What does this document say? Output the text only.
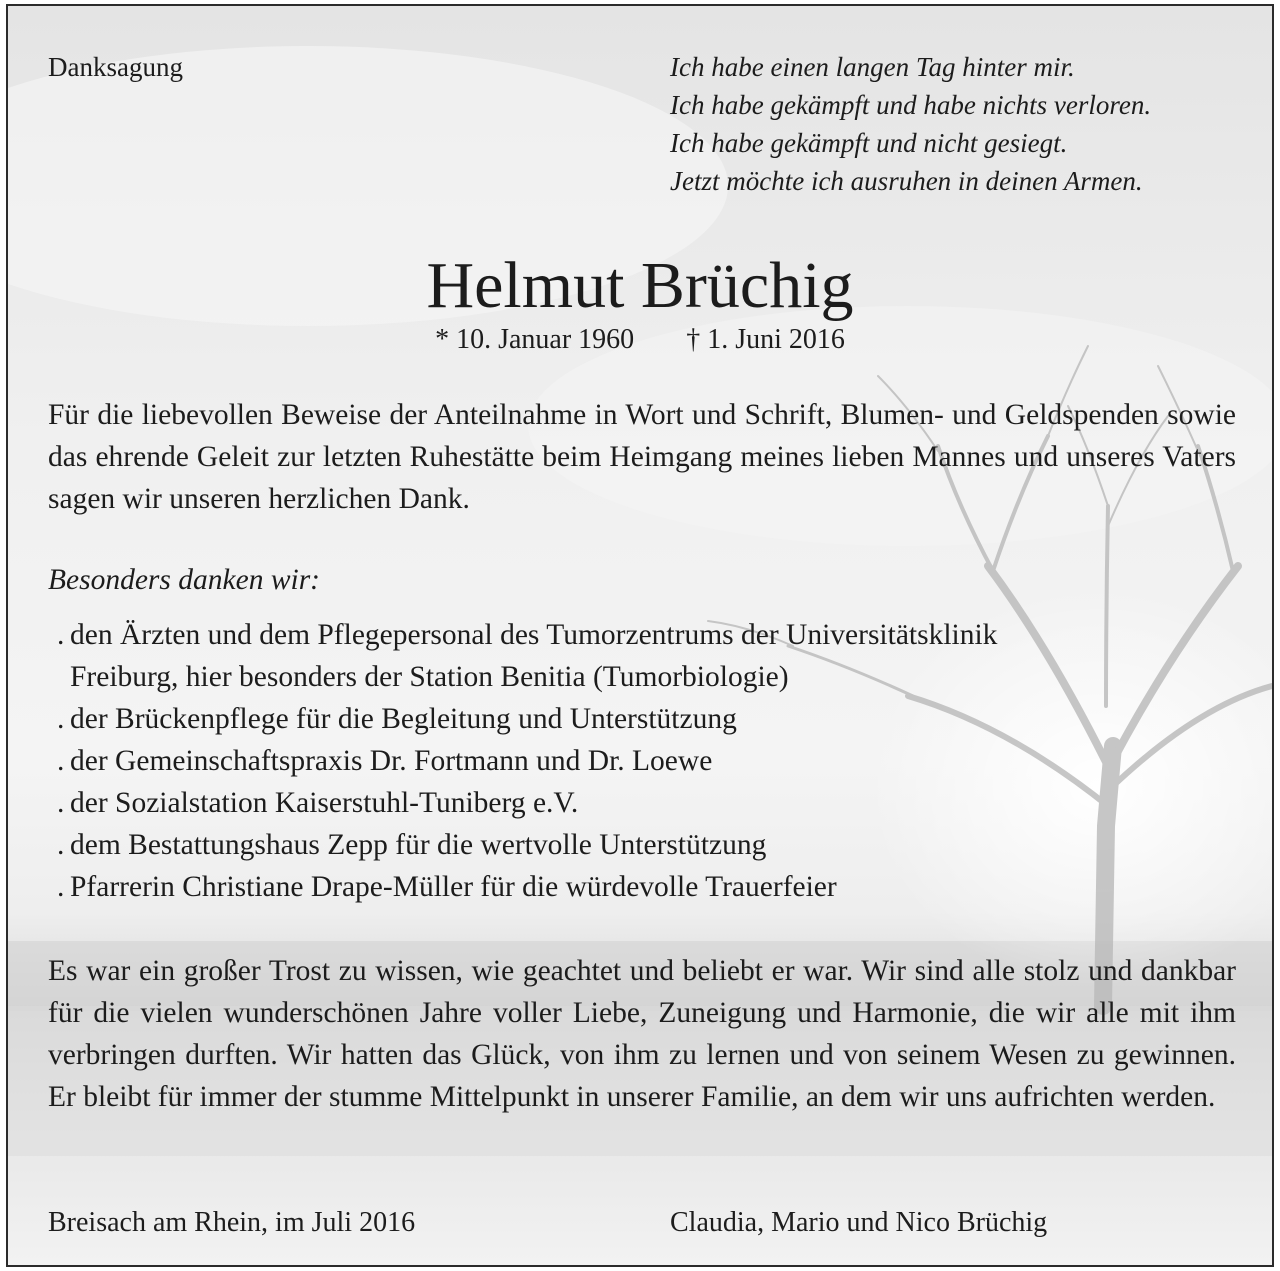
Danksagung	Ich habe einen langen Tag hinter mir.
Ich habe gekämpft und habe nichts verloren.
Ich habe gekämpft und nicht gesiegt.
Jetzt möchte ich ausruhen in deinen Armen.
Helmut Brüchig
* 10. Januar 1960 † 1. Juni 2016
Für die liebevollen Beweise der Anteilnahme in Wort und Schrift, Blumen- und Geldspenden sowie das ehrende Geleit zur letzten Ruhestätte beim Heimgang meines lieben Mannes und unseres Vaters sagen wir unseren herzlichen Dank.
Besonders danken wir:
. den Ärzten und dem Pflegepersonal des Tumorzentrums der Universitätsklinik
Freiburg, hier besonders der Station Benitia (Tumorbiologie)
. der Brückenpflege für die Begleitung und Unterstützung
. der Gemeinschaftspraxis Dr. Fortmann und Dr. Loewe
. der Sozialstation Kaiserstuhl-Tuniberg e.V.
. dem Bestattungshaus Zepp für die wertvolle Unterstützung
. Pfarrerin Christiane Drape-Müller für die würdevolle Trauerfeier
Es war ein großer Trost zu wissen, wie geachtet und beliebt er war. Wir sind alle stolz und dankbar für die vielen wunderschönen Jahre voller Liebe, Zuneigung und Harmonie, die wir alle mit ihm verbringen durften. Wir hatten das Glück, von ihm zu lernen und von seinem Wesen zu gewinnen. Er bleibt für immer der stumme Mittelpunkt in unserer Familie, an dem wir uns aufrichten werden.
Breisach am Rhein, im Juli 2016	Claudia, Mario und Nico Brüchig
